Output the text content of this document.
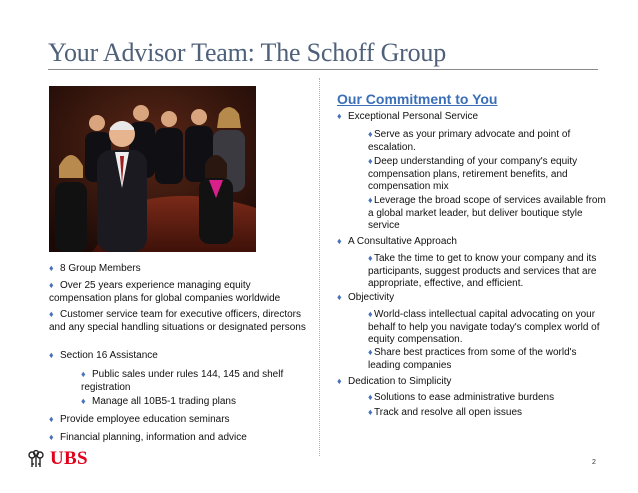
Your Advisor Team: The Schoff Group
♦ 8 Group Members
♦ Over 25 years experience managing equity compensation plans for global companies worldwide
♦ Customer service team for executive officers, directors and any special handling situations or designated persons
♦ Section 16 Assistance
♦ Public sales under rules 144, 145 and shelf registration
♦ Manage all 10B5-1 trading plans
♦ Provide employee education seminars
♦ Financial planning, information and advice
Our Commitment to You
♦ Exceptional Personal Service
♦Serve as your primary advocate and point of escalation.
♦Deep understanding of your company's equity compensation plans, retirement benefits, and compensation mix
♦Leverage the broad scope of services available from a global market leader, but deliver boutique style service
♦ A Consultative Approach
♦Take the time to get to know your company and its participants, suggest products and services that are appropriate, effective, and efficient.
♦ Objectivity
♦World-class intellectual capital advocating on your behalf to help you navigate today's complex world of equity compensation.
♦Share best practices from some of the world's leading companies
♦ Dedication to Simplicity
♦Solutions to ease administrative burdens
♦Track and resolve all open issues
UBS	2
